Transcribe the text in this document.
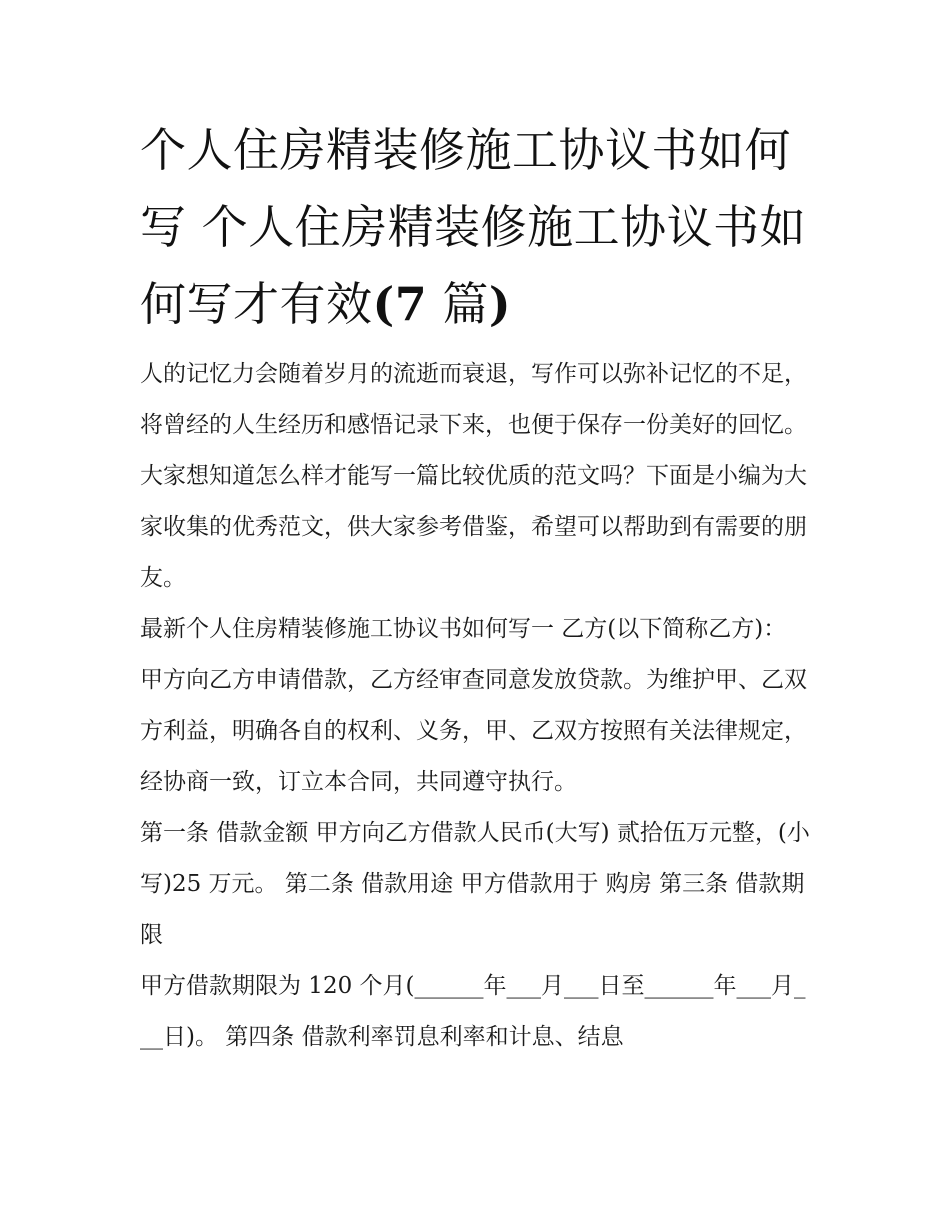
个人住房精装修施工协议书如何写 个人住房精装修施工协议书如何写才有效(7 篇)

人的记忆力会随着岁月的流逝而衰退，写作可以弥补记忆的不足，将曾经的人生经历和感悟记录下来，也便于保存一份美好的回忆。大家想知道怎么样才能写一篇比较优质的范文吗？下面是小编为大家收集的优秀范文，供大家参考借鉴，希望可以帮助到有需要的朋友。

最新个人住房精装修施工协议书如何写一 乙方(以下简称乙方)：

甲方向乙方申请借款，乙方经审查同意发放贷款。为维护甲、乙双方利益，明确各自的权利、义务，甲、乙双方按照有关法律规定，经协商一致，订立本合同，共同遵守执行。

第一条 借款金额 甲方向乙方借款人民币(大写) 贰拾伍万元整，(小写)25 万元。 第二条 借款用途 甲方借款用于 购房 第三条 借款期限

甲方借款期限为 120 个月(______年___月___日至______年___月___日)。 第四条 借款利率罚息利率和计息、结息
